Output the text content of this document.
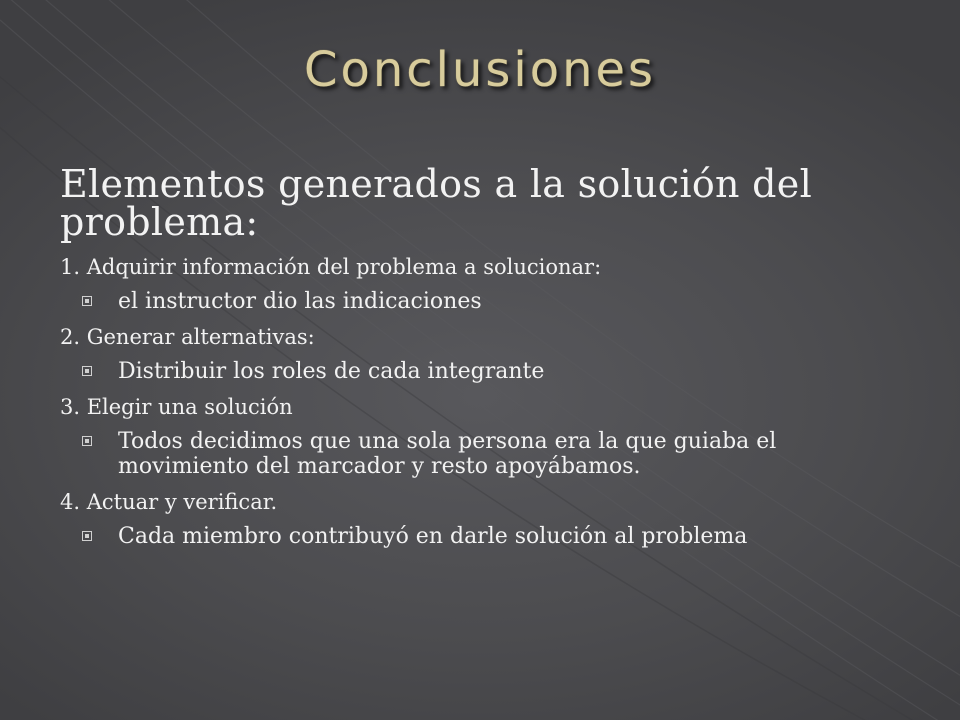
Conclusiones

Elementos generados a la solución del problema:

1. Adquirir información del problema a solucionar:

el instructor dio las indicaciones

2. Generar alternativas:

Distribuir los roles de cada integrante

3. Elegir una solución

Todos decidimos que una sola persona era la que guiaba el movimiento del marcador y resto apoyábamos.

4. Actuar y verificar.

Cada miembro contribuyó en darle solución al problema
